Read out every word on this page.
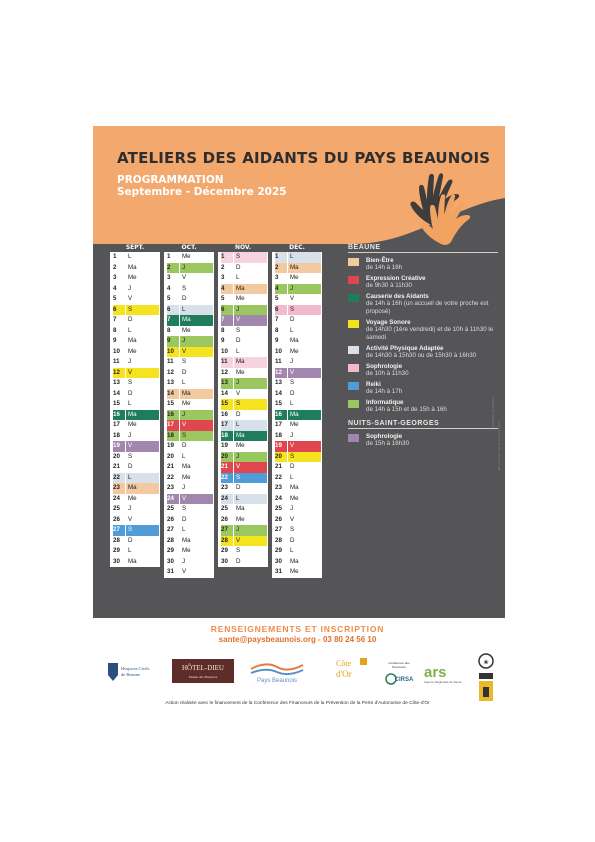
ATELIERS DES AIDANTS DU PAYS BEAUNOIS
PROGRAMMATION
Septembre - Décembre 2025
SEPT.
1	L
2	Ma
3	Me
4	J
5	V
6	S
7	D
8	L
9	Ma
10	Me
11	J
12	V
13	S
14	D
15	L
16	Ma
17	Me
18	J
19	V
20	S
21	D
22	L
23	Ma
24	Me
25	J
26	V
27	S
28	D
29	L
30	Ma
OCT.
1	Me
2	J
3	V
4	S
5	D
6	L
7	Ma
8	Me
9	J
10	V
11	S
12	D
13	L
14	Ma
15	Me
16	J
17	V
18	S
19	D
20	L
21	Ma
22	Me
23	J
24	V
25	S
26	D
27	L
28	Ma
29	Me
30	J
31	V
NOV.
1	S
2	D
3	L
4	Ma
5	Me
6	J
7	V
8	S
9	D
10	L
11	Ma
12	Me
13	J
14	V
15	S
16	D
17	L
18	Ma
19	Me
20	J
21	V
22	S
23	D
24	L
25	Ma
26	Me
27	J
28	V
29	S
30	D
DEC.
1	L
2	Ma
3	Me
4	J
5	V
6	S
7	D
8	L
9	Ma
10	Me
11	J
12	V
13	S
14	D
15	L
16	Ma
17	Me
18	J
19	V
20	S
21	D
22	L
23	Ma
24	Me
25	J
26	V
27	S
28	D
29	L
30	Ma
31	Me
BEAUNE
Bien-Être
de 14h à 16h
Expression Créative
de 9h30 à 11h30
Causerie des Aidants
de 14h à 16h (un accueil de votre proche est proposé)
Voyage Sonore
de 14h30 (1ère vendredi) et de 10h à 11h30 le samedi
Activité Physique Adaptée
de 14h30 à 15h30 ou de 15h30 à 16h30
Sophrologie
de 10h à 11h30
Reiki
de 14h à 17h
Informatique
de 14h à 15h et de 15h à 16h
NUITS-SAINT-GEORGES
Sophrologie
de 15h à 16h30
Conception graphique
Ne pas jeter sur la voie publique
RENSEIGNEMENTS ET INSCRIPTION
sante@paysbeaunois.org - 03 80 24 56 10
Hospices Civils
de Beaune
HÔTEL-DIEU
Musée des Hospices
Pays Beaunois
Côte
d'Or
Conférence des
financeurs
CIRSA ars
Agence Régionale de Santé
❀
Action réalisée avec le financement de la Conférence des Financeurs de la Prévention de la Perte d'Autonomie de Côte-d'Or
